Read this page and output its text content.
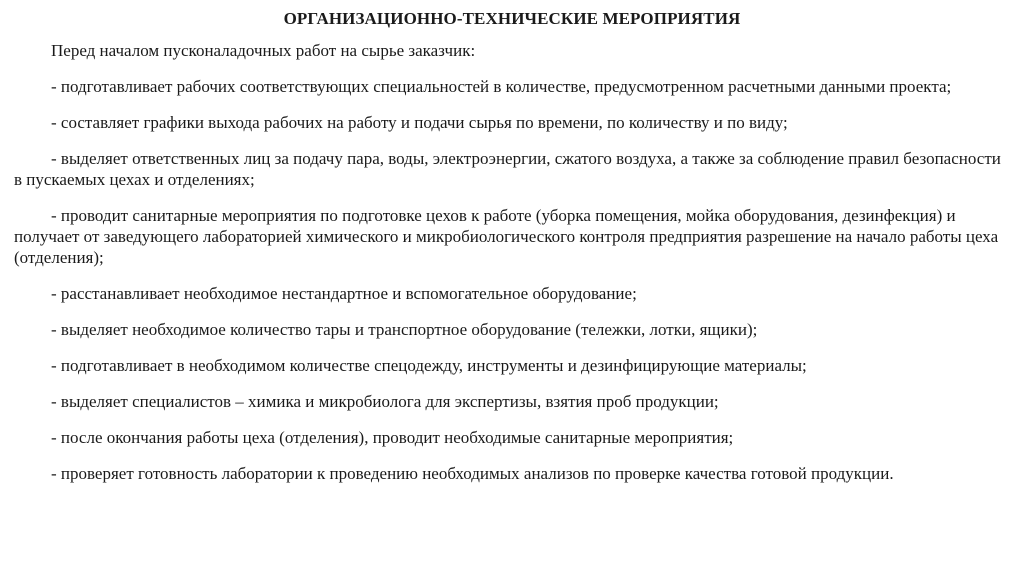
ОРГАНИЗАЦИОННО-ТЕХНИЧЕСКИЕ МЕРОПРИЯТИЯ

Перед началом пусконаладочных работ на сырье заказчик:

- подготавливает рабочих соответствующих специальностей в количестве, предусмотренном расчетными данными проекта;
- составляет графики выхода рабочих на работу и подачи сырья по времени, по количеству и по виду;
- выделяет ответственных лиц за подачу пара, воды, электроэнергии, сжатого воздуха, а также за соблюдение правил безопасности в пускаемых цехах и отделениях;
- проводит санитарные мероприятия по подготовке цехов к работе (уборка помещения, мойка оборудования, дезинфекция) и получает от заведующего лабораторией химического и микробиологического контроля предприятия разрешение на начало работы цеха (отделения);
- расстанавливает необходимое нестандартное и вспомогательное оборудование;
- выделяет необходимое количество тары и транспортное оборудование (тележки, лотки, ящики);
- подготавливает в необходимом количестве спецодежду, инструменты и дезинфицирующие материалы;
- выделяет специалистов – химика и микробиолога для экспертизы, взятия проб продукции;
- после окончания работы цеха (отделения), проводит необходимые санитарные мероприятия;
- проверяет готовность лаборатории к проведению необходимых анализов по проверке качества готовой продукции.
